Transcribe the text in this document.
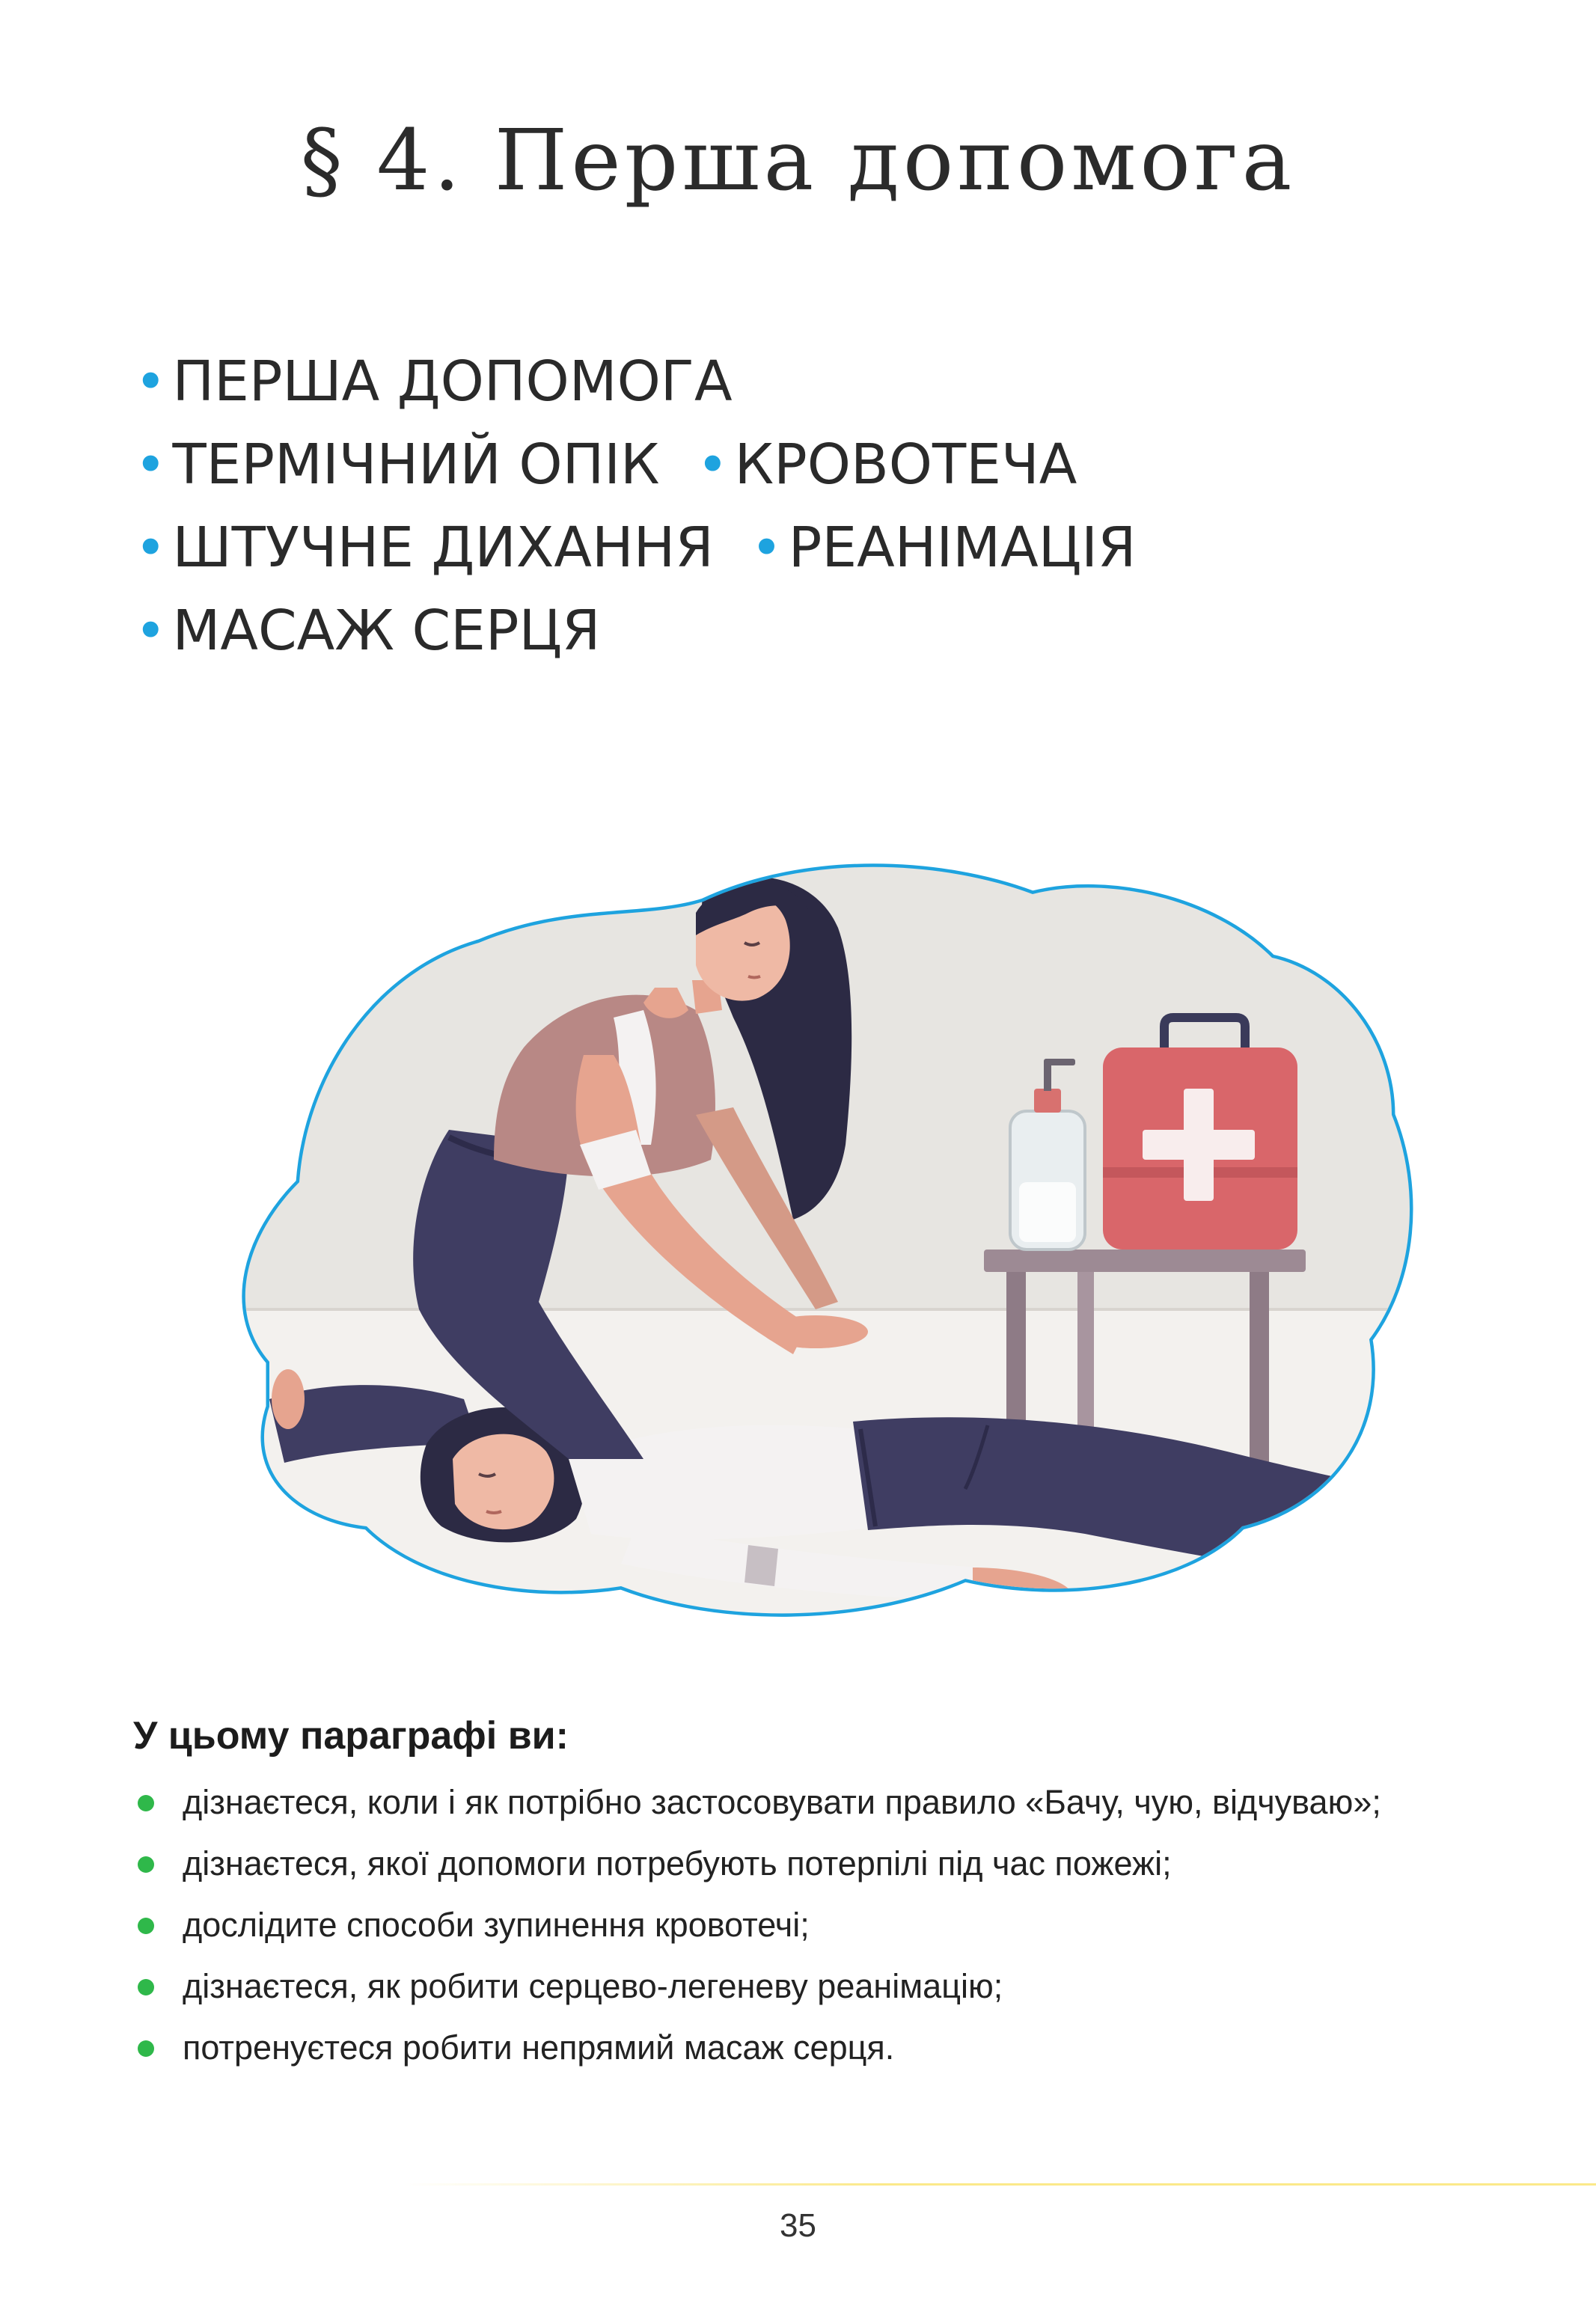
§ 4. Перша допомога
• ПЕРША ДОПОМОГА
• ТЕРМІЧНИЙ ОПІК • КРОВОТЕЧА
• ШТУЧНЕ ДИХАННЯ • РЕАНІМАЦІЯ
• МАСАЖ СЕРЦЯ
У цьому параграфі ви:
дізнаєтеся, коли і як потрібно застосовувати правило «Бачу, чую, відчуваю»;
дізнаєтеся, якої допомоги потребують потерпілі під час пожежі;
дослідите способи зупинення кровотечі;
дізнаєтеся, як робити серцево-легеневу реанімацію;
потренуєтеся робити непрямий масаж серця.
35
